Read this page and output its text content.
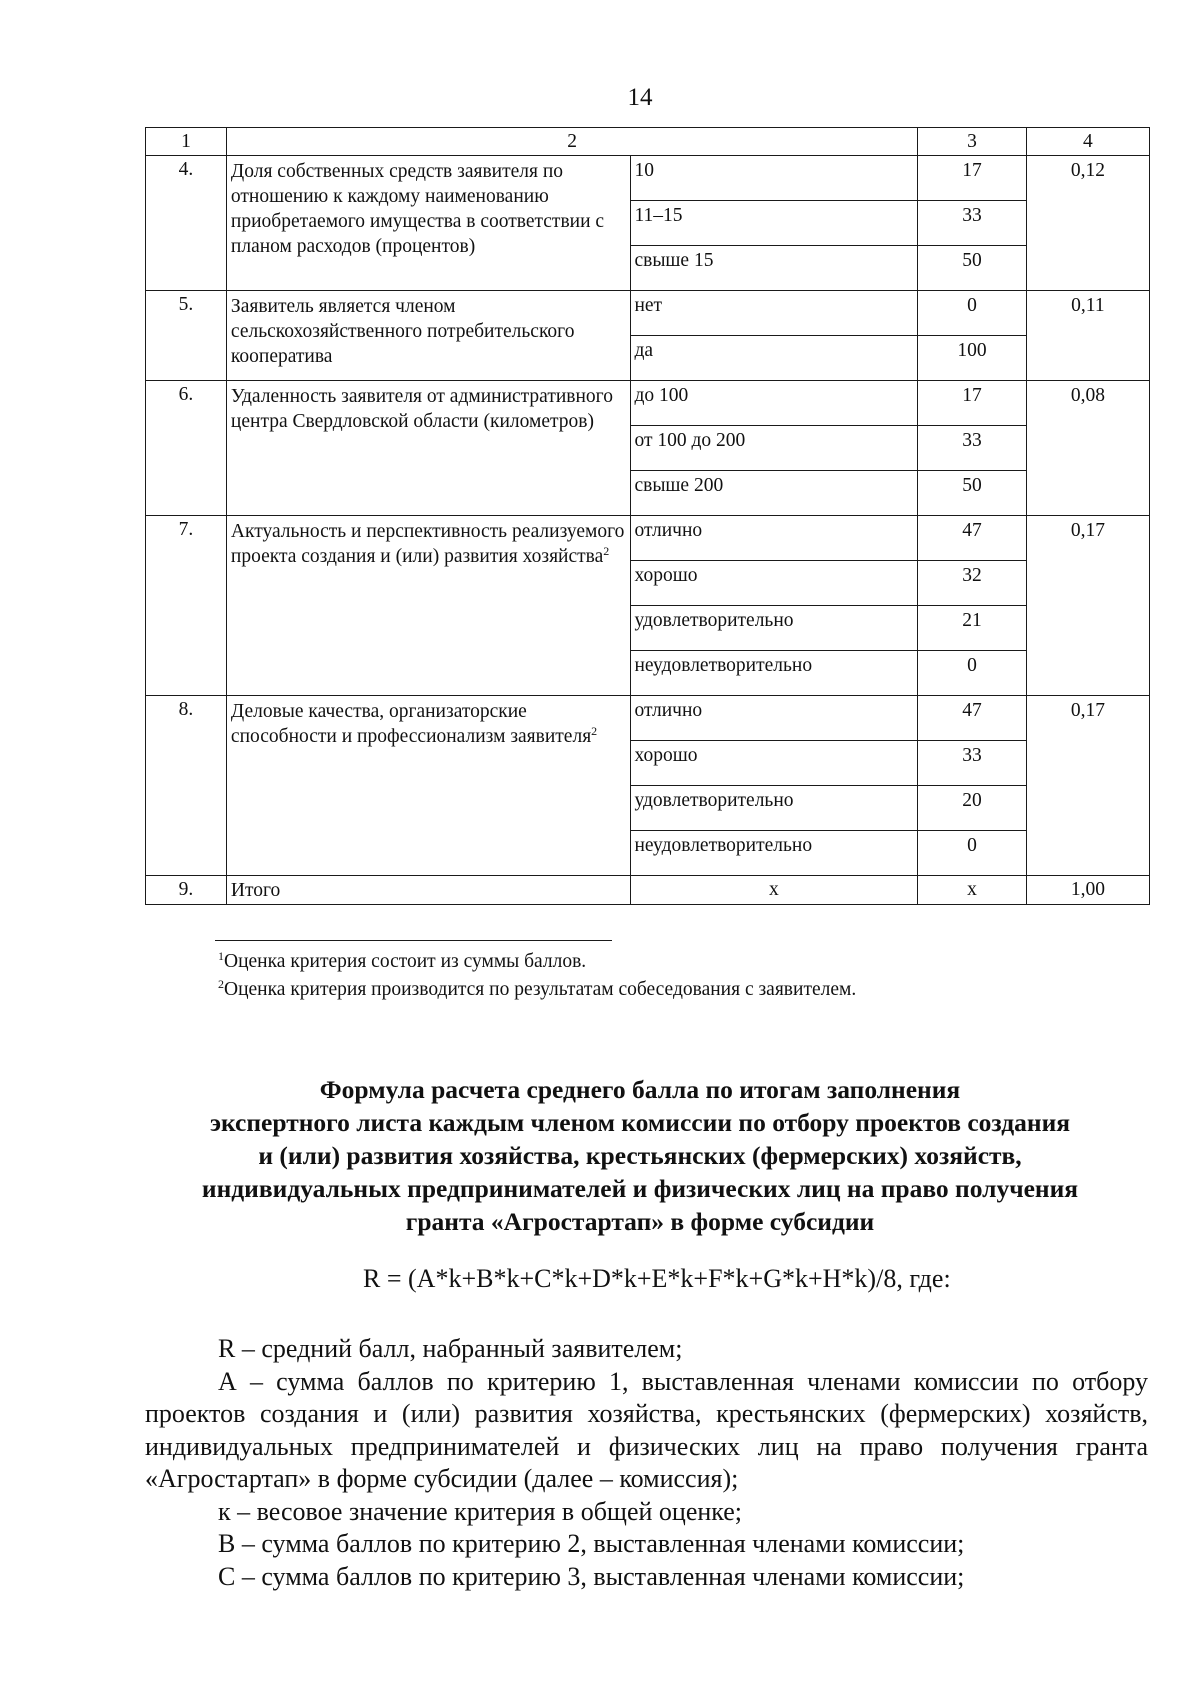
14
1	2		3	4
4.	Доля собственных средств заявителя по отношению к каждому наименованию приобретаемого имущества в соответствии с планом расходов (процентов)	10	17	0,12
		11–15	33	
		свыше 15	50	
5.	Заявитель является членом сельскохозяйственного потребительского кооператива	нет	0	0,11
		да	100	
6.	Удаленность заявителя от административного центра Свердловской области (километров)	до 100	17	0,08
		от 100 до 200	33	
		свыше 200	50	
7.	Актуальность и перспективность реализуемого проекта создания и (или) развития хозяйства$^2$	отлично	47	0,17
		хорошо	32	
		удовлетворительно	21	
		неудовлетворительно	0	
8.	Деловые качества, организаторские способности и профессионализм заявителя$^2$	отлично	47	0,17
		хорошо	33	
		удовлетворительно	20	
		неудовлетворительно	0	
9.	Итого	х	х	1,00
$^1$Оценка критерия состоит из суммы баллов.
$^2$Оценка критерия производится по результатам собеседования с заявителем.
Формула расчета среднего балла по итогам заполнения
экспертного листа каждым членом комиссии по отбору проектов создания
и (или) развития хозяйства, крестьянских (фермерских) хозяйств,
индивидуальных предпринимателей и физических лиц на право получения
гранта «Агростартап» в форме субсидии
R = (A*k+B*k+C*k+D*k+E*k+F*k+G*k+H*k)/8, где:

R – средний балл, набранный заявителем;

А – сумма баллов по критерию 1, выставленная членами комиссии по отбору проектов создания и (или) развития хозяйства, крестьянских (фермерских) хозяйств, индивидуальных предпринимателей и физических лиц на право получения гранта «Агростартап» в форме субсидии (далее – комиссия);

к – весовое значение критерия в общей оценке;

В – сумма баллов по критерию 2, выставленная членами комиссии;

С – сумма баллов по критерию 3, выставленная членами комиссии;
